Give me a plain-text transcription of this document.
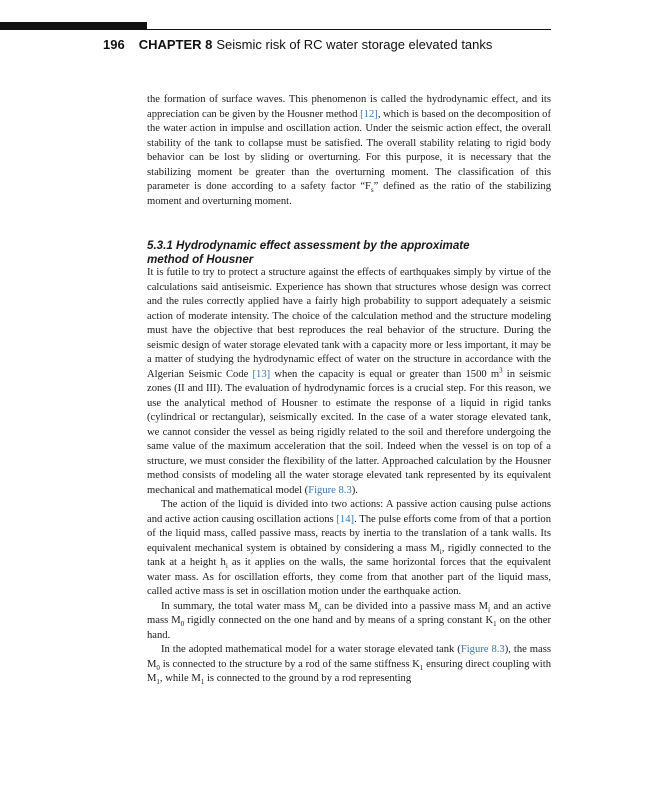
196 CHAPTER 8 Seismic risk of RC water storage elevated tanks

the formation of surface waves. This phenomenon is called the hydrodynamic effect, and its appreciation can be given by the Housner method [12], which is based on the decomposition of the water action in impulse and oscillation action. Under the seismic action effect, the overall stability of the tank to collapse must be satisfied. The overall stability relating to rigid body behavior can be lost by sliding or overturning. For this purpose, it is necessary that the stabilizing moment be greater than the overturning moment. The classification of this parameter is done according to a safety factor “$F_s$” defined as the ratio of the stabilizing moment and overturning moment.

5.3.1 Hydrodynamic effect assessment by the approximate
method of Housner

It is futile to try to protect a structure against the effects of earthquakes simply by virtue of the calculations said antiseismic. Experience has shown that structures whose design was correct and the rules correctly applied have a fairly high probability to support adequately a seismic action of moderate intensity. The choice of the calculation method and the structure modeling must have the objective that best reproduces the real behavior of the structure. During the seismic design of water storage elevated tank with a capacity more or less important, it may be a matter of studying the hydrodynamic effect of water on the structure in accordance with the Algerian Seismic Code [13] when the capacity is equal or greater than 1500 $m^3$ in seismic zones (II and III). The evaluation of hydrodynamic forces is a crucial step. For this reason, we use the analytical method of Housner to estimate the response of a liquid in rigid tanks (cylindrical or rectangular), seismically excited. In the case of a water storage elevated tank, we cannot consider the vessel as being rigidly related to the soil and therefore undergoing the same value of the maximum acceleration that the soil. Indeed when the vessel is on top of a structure, we must consider the flexibility of the latter. Approached calculation by the Housner method consists of modeling all the water storage elevated tank represented by its equivalent mechanical and mathematical model (Figure 8.3).

The action of the liquid is divided into two actions: A passive action causing pulse actions and active action causing oscillation actions [14]. The pulse efforts come from of that a portion of the liquid mass, called passive mass, reacts by inertia to the translation of a tank walls. Its equivalent mechanical system is obtained by considering a mass $M_i$, rigidly connected to the tank at a height $h_i$ as it applies on the walls, the same horizontal forces that the equivalent water mass. As for oscillation efforts, they come from that another part of the liquid mass, called active mass is set in oscillation motion under the earthquake action.

In summary, the total water mass $M_e$ can be divided into a passive mass $M_i$ and an active mass $M_0$ rigidly connected on the one hand and by means of a spring constant $K_1$ on the other hand.

In the adopted mathematical model for a water storage elevated tank (Figure 8.3), the mass $M_0$ is connected to the structure by a rod of the same stiffness $K_1$ ensuring direct coupling with $M_1$, while $M_1$ is connected to the ground by a rod representing
